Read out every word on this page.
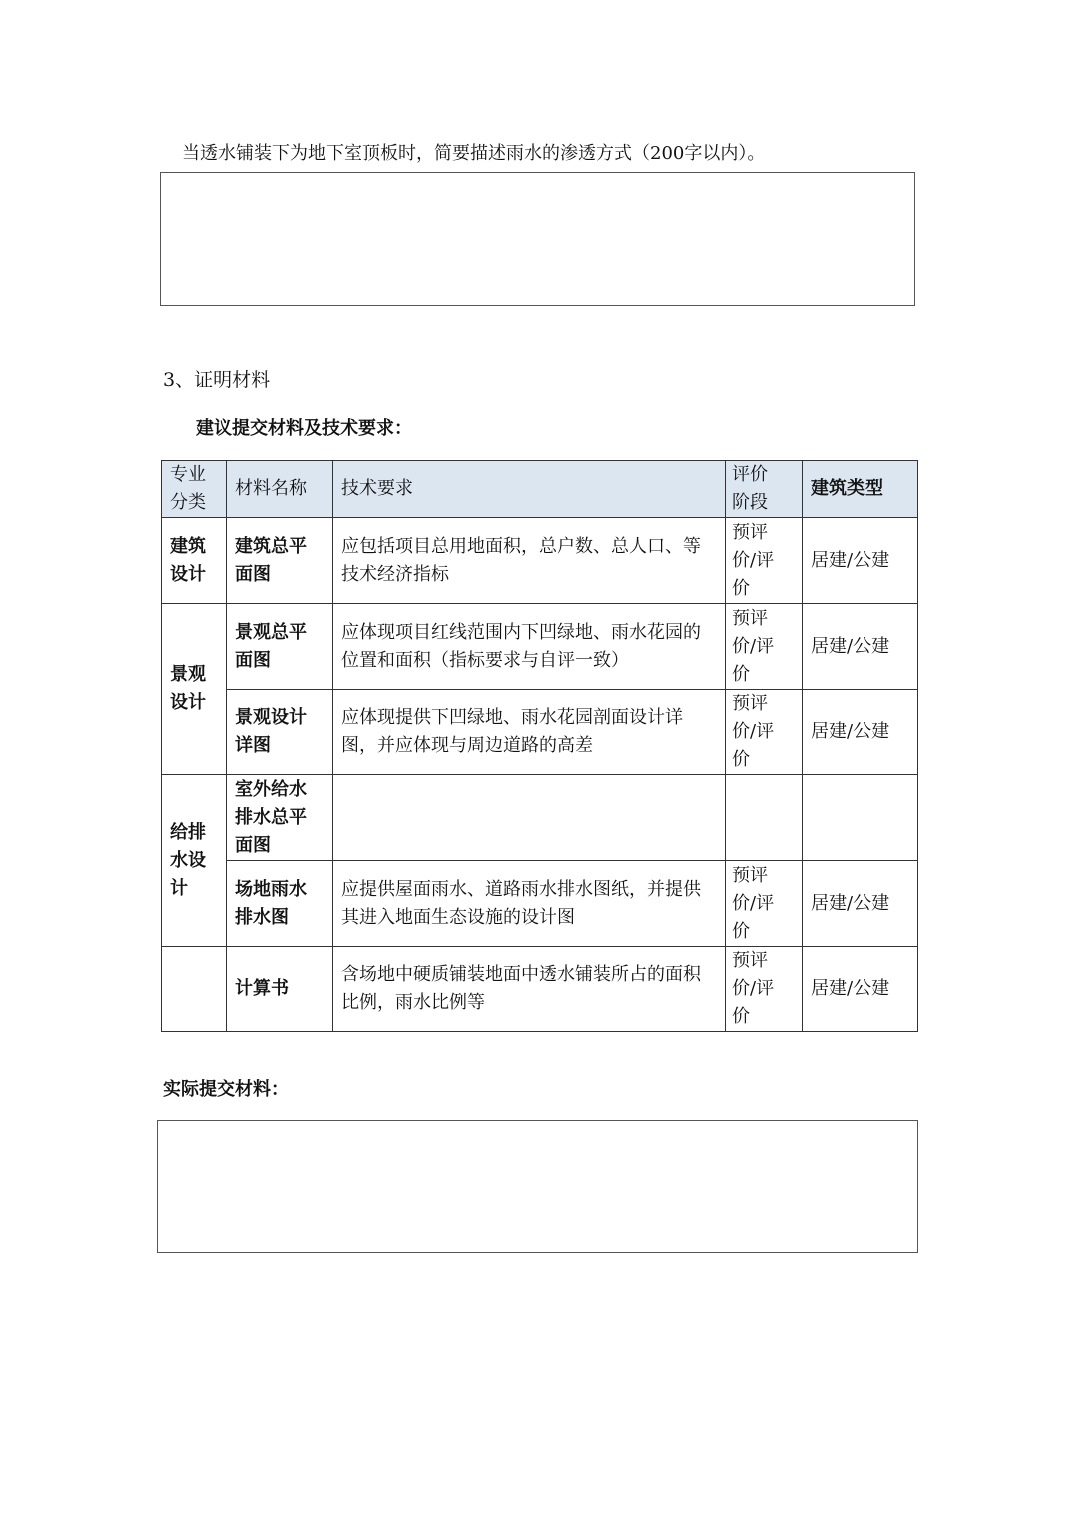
当透水铺装下为地下室顶板时，简要描述雨水的渗透方式（200字以内）。
3、证明材料
建议提交材料及技术要求：
专业分类	材料名称	技术要求	评价阶段	建筑类型

建筑设计	建筑总平面图	应包括项目总用地面积，总户数、总人口、等技术经济指标	预评价/评价	居建/公建

景观设计	景观总平面图	应体现项目红线范围内下凹绿地、雨水花园的位置和面积（指标要求与自评一致）	预评价/评价	居建/公建

	景观设计详图	应体现提供下凹绿地、雨水花园剖面设计详图，并应体现与周边道路的高差	预评价/评价	居建/公建

给排水设计	室外给水排水总平面图			

	场地雨水排水图	应提供屋面雨水、道路雨水排水图纸，并提供其进入地面生态设施的设计图	预评价/评价	居建/公建

	计算书	含场地中硬质铺装地面中透水铺装所占的面积比例，雨水比例等	预评价/评价	居建/公建
实际提交材料：
